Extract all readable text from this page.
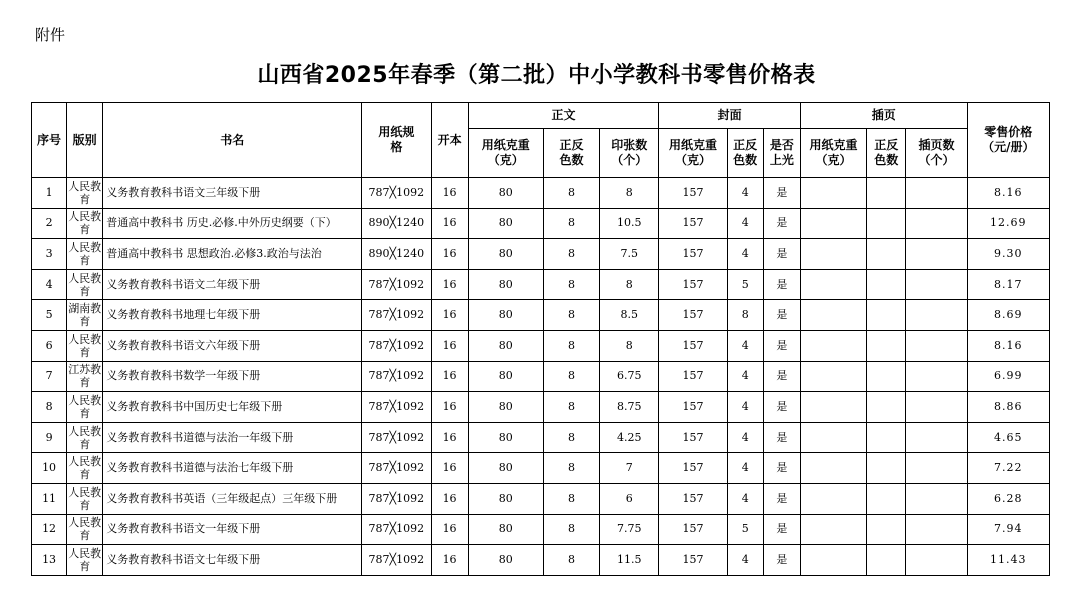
附件
山西省2025年春季（第二批）中小学教科书零售价格表
序号	版别	书名	用纸规格	开本	正文			封面			插页			零售价格（元/册）
					用纸克重（克）	正反色数	印张数（个）	用纸克重（克）	正反色数	是否上光	用纸克重（克）	正反色数	插页数（个）	
1	人民教育	义务教育教科书语文三年级下册	787╳1092	16	80	8	8	157	4	是				8.16
2	人民教育	普通高中教科书 历史.必修.中外历史纲要（下）	890╳1240	16	80	8	10.5	157	4	是				12.69
3	人民教育	普通高中教科书 思想政治.必修3.政治与法治	890╳1240	16	80	8	7.5	157	4	是				9.30
4	人民教育	义务教育教科书语文二年级下册	787╳1092	16	80	8	8	157	5	是				8.17
5	湖南教育	义务教育教科书地理七年级下册	787╳1092	16	80	8	8.5	157	8	是				8.69
6	人民教育	义务教育教科书语文六年级下册	787╳1092	16	80	8	8	157	4	是				8.16
7	江苏教育	义务教育教科书数学一年级下册	787╳1092	16	80	8	6.75	157	4	是				6.99
8	人民教育	义务教育教科书中国历史七年级下册	787╳1092	16	80	8	8.75	157	4	是				8.86
9	人民教育	义务教育教科书道德与法治一年级下册	787╳1092	16	80	8	4.25	157	4	是				4.65
10	人民教育	义务教育教科书道德与法治七年级下册	787╳1092	16	80	8	7	157	4	是				7.22
11	人民教育	义务教育教科书英语（三年级起点）三年级下册	787╳1092	16	80	8	6	157	4	是				6.28
12	人民教育	义务教育教科书语文一年级下册	787╳1092	16	80	8	7.75	157	5	是				7.94
13	人民教育	义务教育教科书语文七年级下册	787╳1092	16	80	8	11.5	157	4	是				11.43
